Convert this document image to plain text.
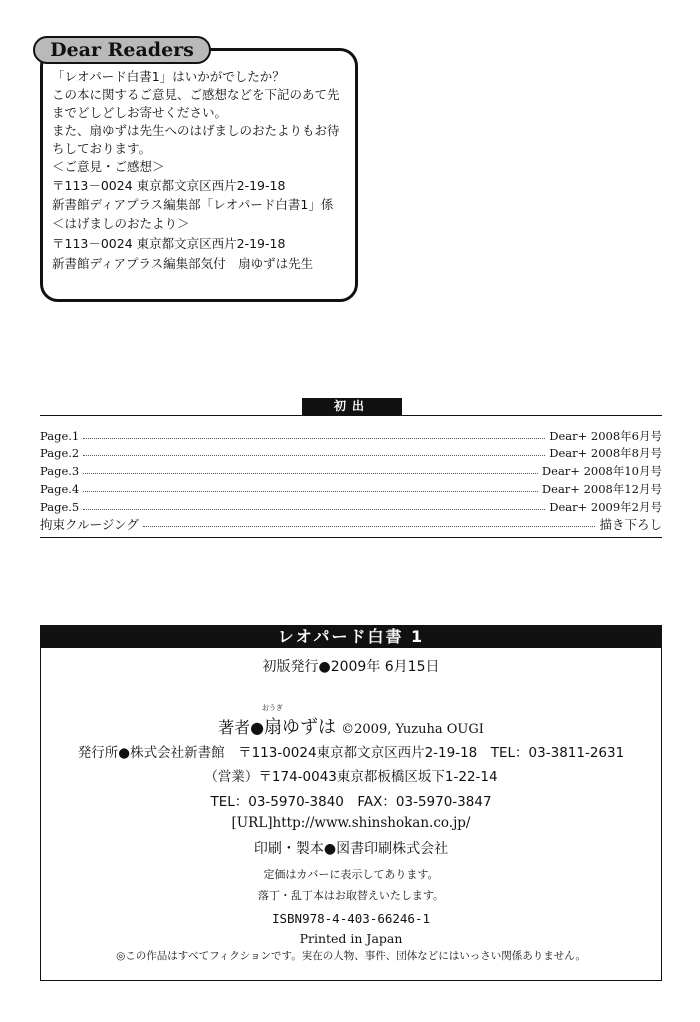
Dear Readers
「レオパード白書1」はいかがでしたか？
この本に関するご意見、ご感想などを下記のあて先
までどしどしお寄せください。
また、扇ゆずは先生へのはげましのおたよりもお待
ちしております。
＜ご意見・ご感想＞
〒113－0024 東京都文京区西片2-19-18
新書館ディアプラス編集部「レオパード白書1」係
＜はげましのおたより＞
〒113－0024 東京都文京区西片2-19-18
新書館ディアプラス編集部気付　扇ゆずは先生
初出
Page.1	Dear+ 2008年6月号
Page.2	Dear+ 2008年8月号
Page.3	Dear+ 2008年10月号
Page.4	Dear+ 2008年12月号
Page.5	Dear+ 2009年2月号
拘束クルージング	描き下ろし
レオパード白書 1
初版発行●2009年 6月15日
おうぎ
著者●扇ゆずは ©2009, Yuzuha OUGI
発行所●株式会社新書館　〒113-0024東京都文京区西片2-19-18　TEL：03-3811-2631
（営業）〒174-0043東京都板橋区坂下1-22-14
TEL：03-5970-3840　FAX：03-5970-3847
[URL]http://www.shinshokan.co.jp/
印刷・製本●図書印刷株式会社
定価はカバーに表示してあります。
落丁・乱丁本はお取替えいたします。
ISBN978-4-403-66246-1
Printed in Japan
◎この作品はすべてフィクションです。実在の人物、事件、団体などにはいっさい関係ありません。
